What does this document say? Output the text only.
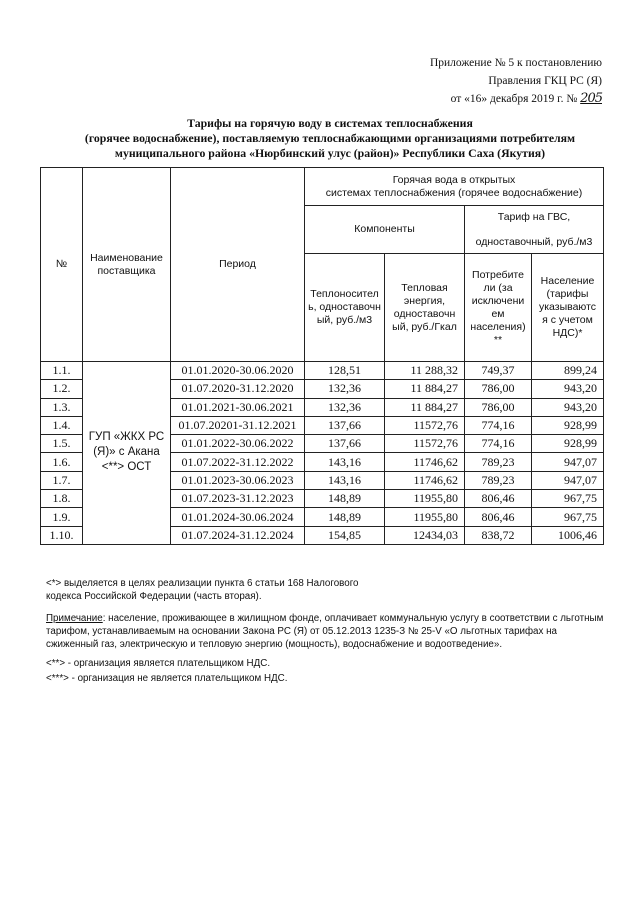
Приложение № 5 к постановлению
Правления ГКЦ РС (Я)
от «16» декабря 2019 г. № 205
Тарифы на горячую воду в системах теплоснабжения
(горячее водоснабжение), поставляемую теплоснабжающими организациями потребителям
муниципального района «Нюрбинский улус (район)» Республики Саха (Якутия)
№	Наименование поставщика	Период	Горячая вода в открытых
системах теплоснабжения (горячее водоснабжение)			

			Компоненты		Тариф на ГВС,
одноставочный, руб./м3	

			Теплоносител ь, одноставочн ый, руб./м3	Тепловая энергия, одноставочн ый, руб./Гкал	Потребите ли (за исключени ем населения) **	Население (тарифы указываютс я с учетом НДС)*
1.1.	ГУП «ЖКХ РС (Я)» с Акана <**> ОСТ	01.01.2020-30.06.2020	128,51	11 288,32	749,37	899,24
1.2.		01.07.2020-31.12.2020	132,36	11 884,27	786,00	943,20
1.3.		01.01.2021-30.06.2021	132,36	11 884,27	786,00	943,20
1.4.		01.07.20201-31.12.2021	137,66	11572,76	774,16	928,99
1.5.		01.01.2022-30.06.2022	137,66	11572,76	774,16	928,99
1.6.		01.07.2022-31.12.2022	143,16	11746,62	789,23	947,07
1.7.		01.01.2023-30.06.2023	143,16	11746,62	789,23	947,07
1.8.		01.07.2023-31.12.2023	148,89	11955,80	806,46	967,75
1.9.		01.01.2024-30.06.2024	148,89	11955,80	806,46	967,75
1.10.		01.07.2024-31.12.2024	154,85	12434,03	838,72	1006,46
<*> выделяется в целях реализации пункта 6 статьи 168 Налогового
кодекса Российской Федерации (часть вторая).
Примечание: население, проживающее в жилищном фонде, оплачивает коммунальную услугу в соответствии с льготным тарифом, устанавливаемым на основании Закона РС (Я) от 05.12.2013 1235-З № 25-V «О льготных тарифах на сжиженный газ, электрическую и тепловую энергию (мощность), водоснабжение и водоотведение».
<**> - организация является плательщиком НДС.
<***> - организация не является плательщиком НДС.
